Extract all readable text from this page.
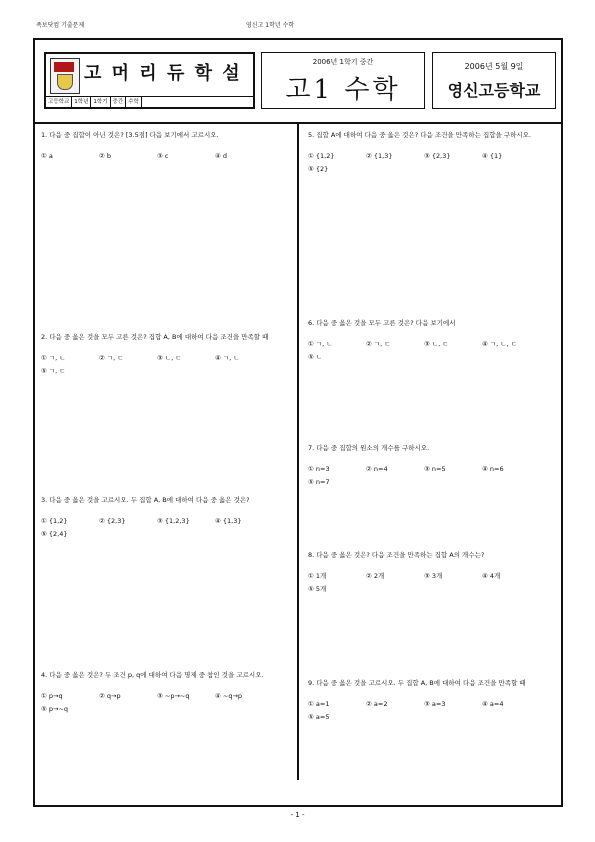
족보닷컴 기출문제	영신고 1학년 수학
고 머 리 듀 학 설
고등학교 1학년 1학기 중간 수학
2006년 1학기 중간
고1 수학
2006년 5월 9일
영신고등학교
1. 다음 중 집합이 아닌 것은? [3.5점] 다음 보기에서 고르시오.
① a	② b	③ c	④ d
2. 다음 중 옳은 것을 모두 고른 것은? 집합 A, B에 대하여 다음 조건을 만족할 때
① ㄱ, ㄴ	② ㄱ, ㄷ	③ ㄴ, ㄷ	④ ㄱ, ㄴ
⑤ ㄱ, ㄷ
3. 다음 중 옳은 것을 고르시오. 두 집합 A, B에 대하여 다음 중 옳은 것은?
① {1,2}	② {2,3}	③ {1,2,3}	④ {1,3}
⑤ {2,4}
4. 다음 중 옳은 것은? 두 조건 p, q에 대하여 다음 명제 중 참인 것을 고르시오.
① p→q	② q→p	③ ~p→~q	④ ~q→p
⑤ p→~q
5. 집합 A에 대하여 다음 중 옳은 것은? 다음 조건을 만족하는 집합을 구하시오.
① {1,2}	② {1,3}	③ {2,3}	④ {1}
⑤ {2}
6. 다음 중 옳은 것을 모두 고른 것은? 다음 보기에서
① ㄱ, ㄴ	② ㄱ, ㄷ	③ ㄴ, ㄷ	④ ㄱ, ㄴ, ㄷ
⑤ ㄴ
7. 다음 중 집합의 원소의 개수를 구하시오.
① n=3	② n=4	③ n=5	④ n=6
⑤ n=7
8. 다음 중 옳은 것은? 다음 조건을 만족하는 집합 A의 개수는?
① 1개	② 2개	③ 3개	④ 4개
⑤ 5개
9. 다음 중 옳은 것을 고르시오. 두 집합 A, B에 대하여 다음 조건을 만족할 때
① a=1	② a=2	③ a=3	④ a=4
⑤ a=5
- 1 -
